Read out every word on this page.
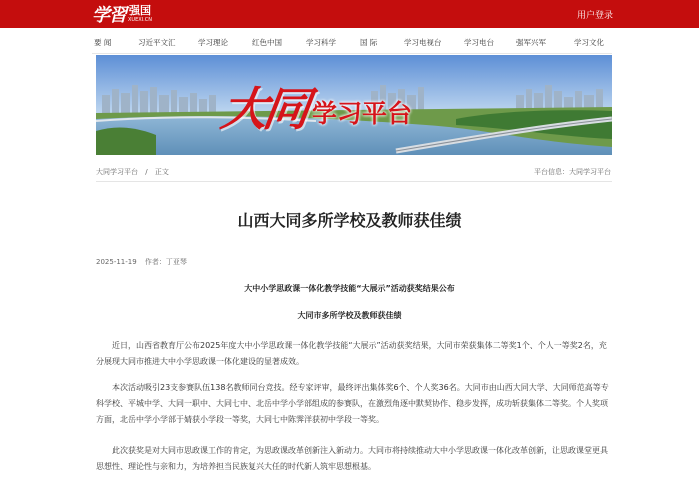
学習 强国
XUEXI.CN	用户登录
要 闻	习近平文汇	学习理论	红色中国	学习科学	国 际	学习电视台	学习电台	强军兴军	学习文化
大同 学习平台
大同学习平台 / 正文	平台信息：大同学习平台
山西大同多所学校及教师获佳绩
2025-11-19 作者：丁亚琴
大中小学思政课一体化教学技能“大展示”活动获奖结果公布
大同市多所学校及教师获佳绩

近日，山西省教育厅公布2025年度大中小学思政课一体化教学技能“大展示”活动获奖结果，大同市荣获集体二等奖1个、个人一等奖2名，充分展现大同市推进大中小学思政课一体化建设的显著成效。

本次活动吸引23支参赛队伍138名教师同台竞技。经专家评审，最终评出集体奖6个、个人奖36名。大同市由山西大同大学、大同师范高等专科学校、平城中学、大同一职中、大同七中、北岳中学小学部组成的参赛队，在激烈角逐中默契协作、稳步发挥，成功斩获集体二等奖。个人奖项方面，北岳中学小学部于婧获小学段一等奖，大同七中陈霁洋获初中学段一等奖。

此次获奖是对大同市思政课工作的肯定，为思政课改革创新注入新动力。大同市将持续推动大中小学思政课一体化改革创新，让思政课堂更具思想性、理论性与亲和力，为培养担当民族复兴大任的时代新人筑牢思想根基。
